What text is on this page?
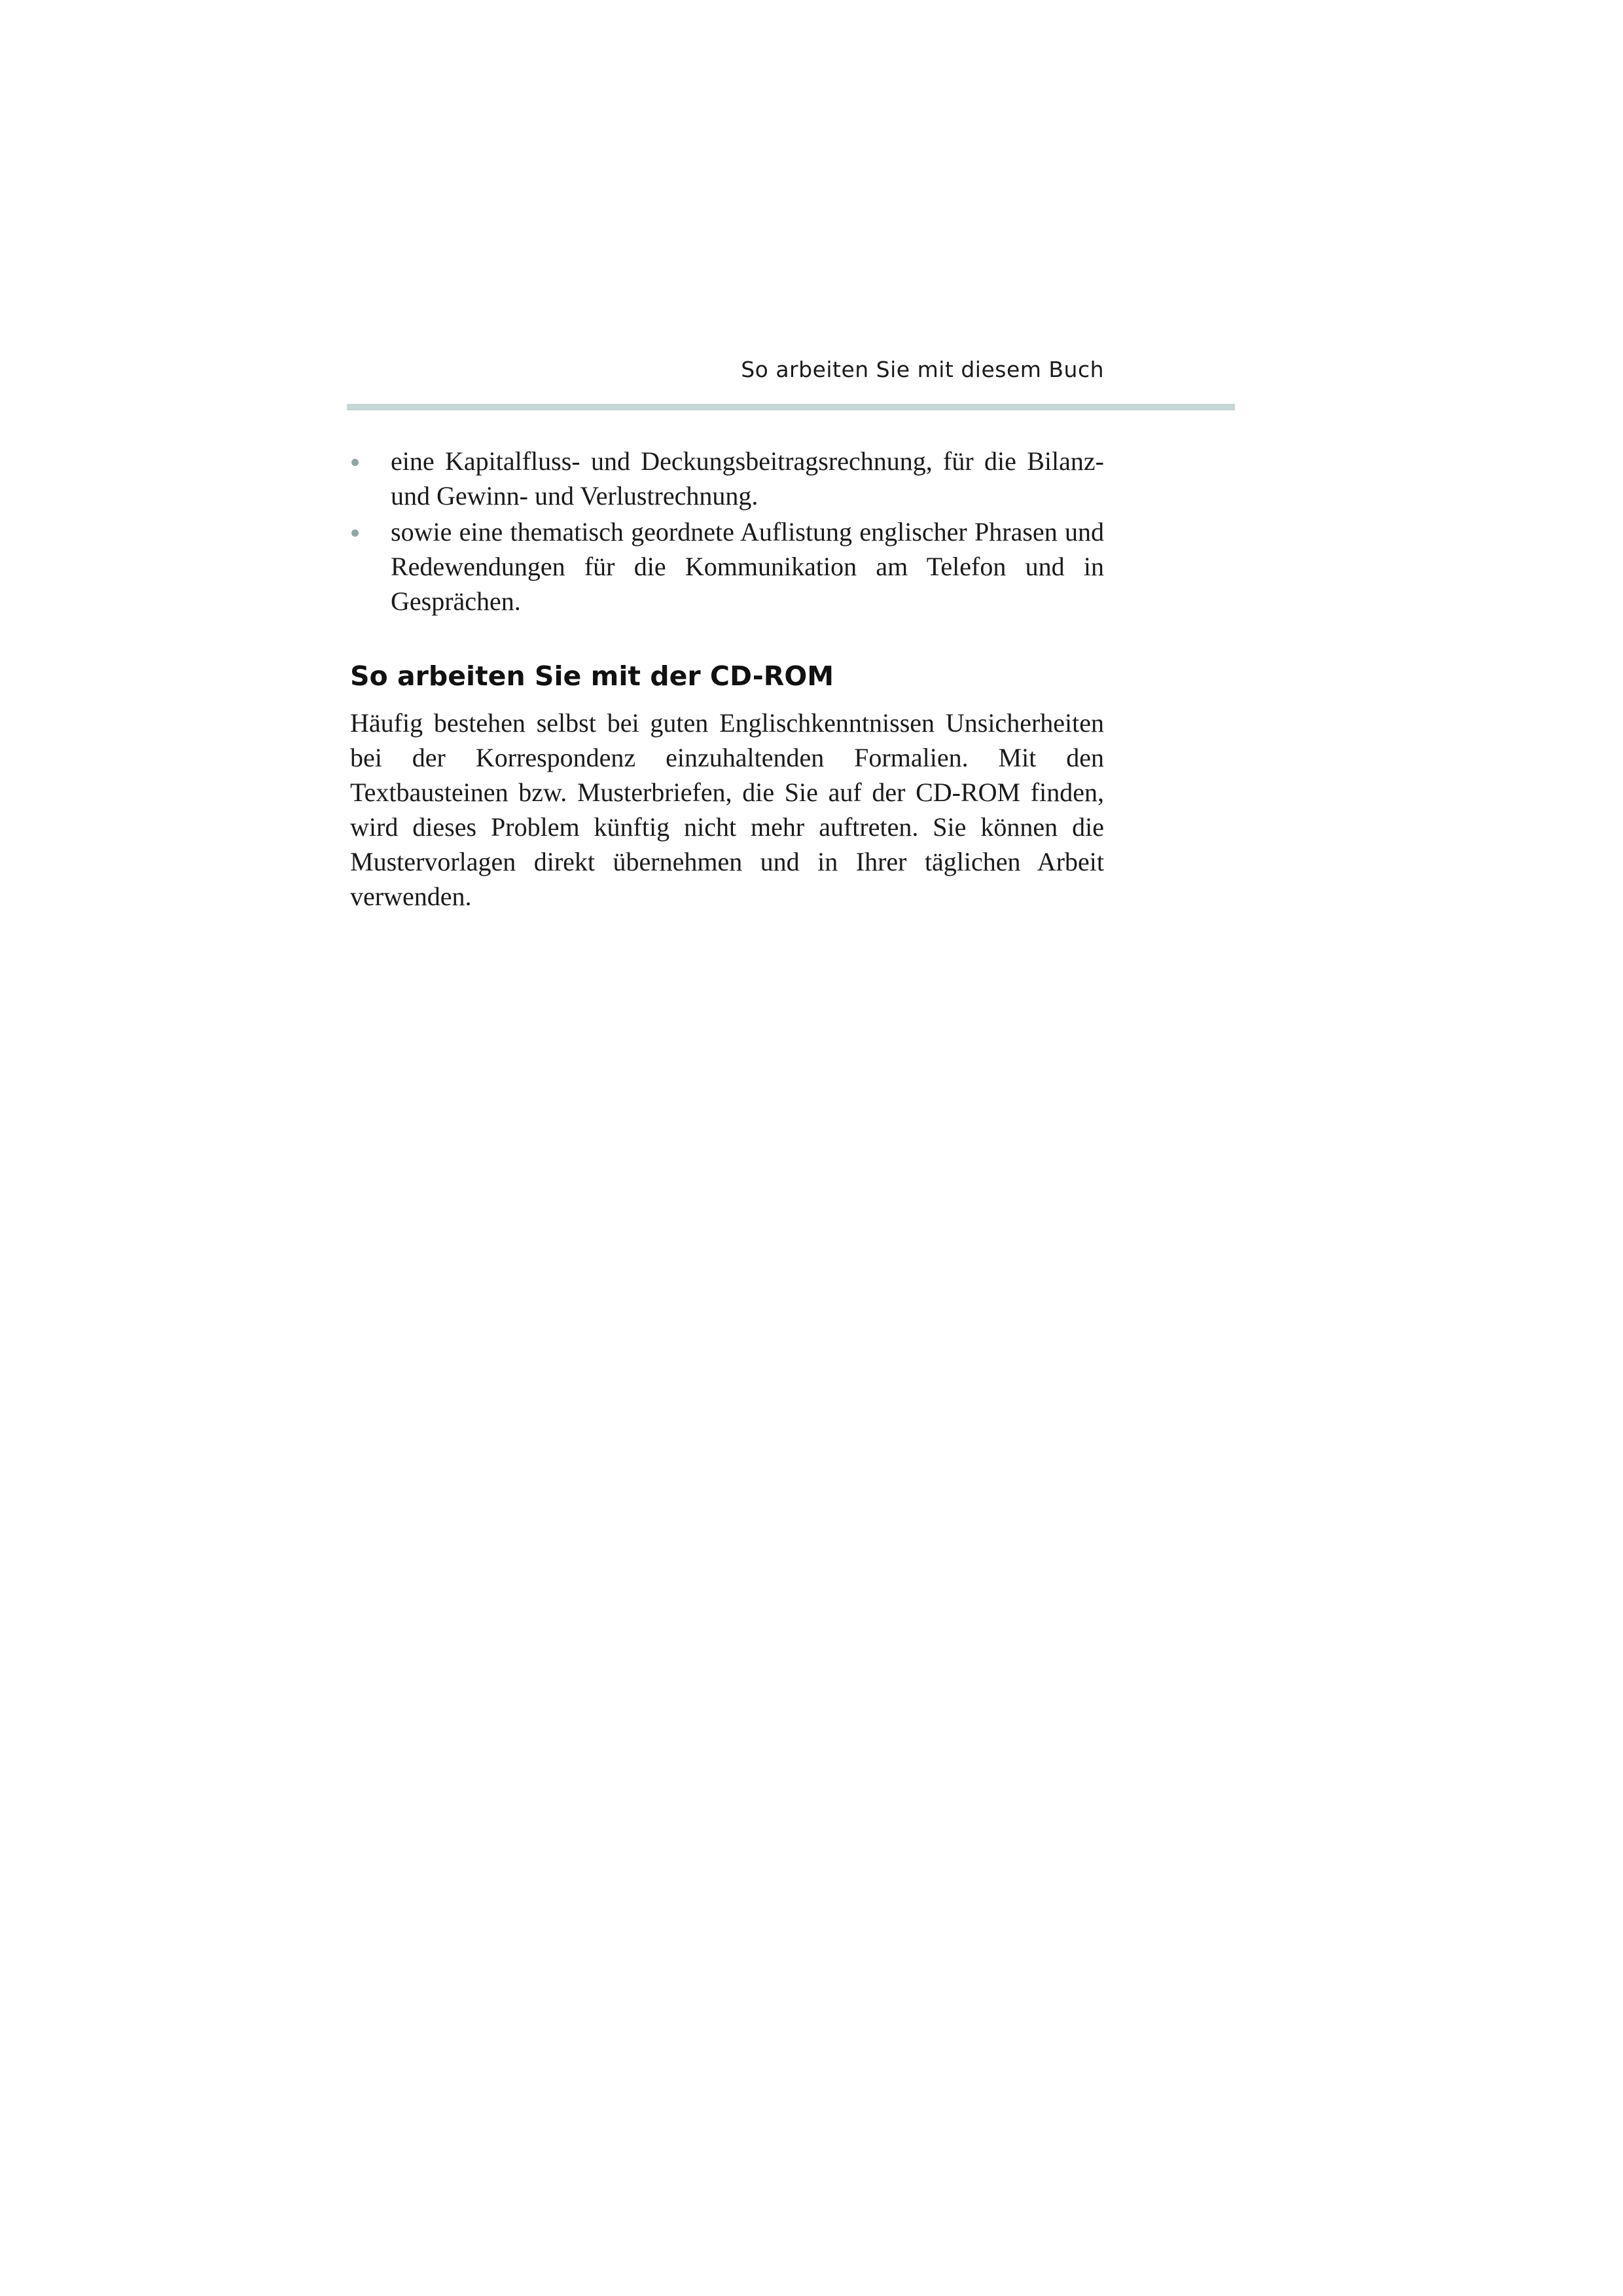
So arbeiten Sie mit diesem Buch
eine Kapitalfluss- und Deckungsbeitragsrechnung, für die Bilanz- und Gewinn- und Verlustrechnung.
sowie eine thematisch geordnete Auflistung englischer Phrasen und Redewendungen für die Kommunikation am Telefon und in Gesprächen.
So arbeiten Sie mit der CD-ROM

Häufig bestehen selbst bei guten Englischkenntnissen Unsicherheiten bei der Korrespondenz einzuhaltenden Formalien. Mit den Textbausteinen bzw. Musterbriefen, die Sie auf der CD-ROM finden, wird dieses Problem künftig nicht mehr auftreten. Sie können die Mustervorlagen direkt übernehmen und in Ihrer täglichen Arbeit verwenden.
